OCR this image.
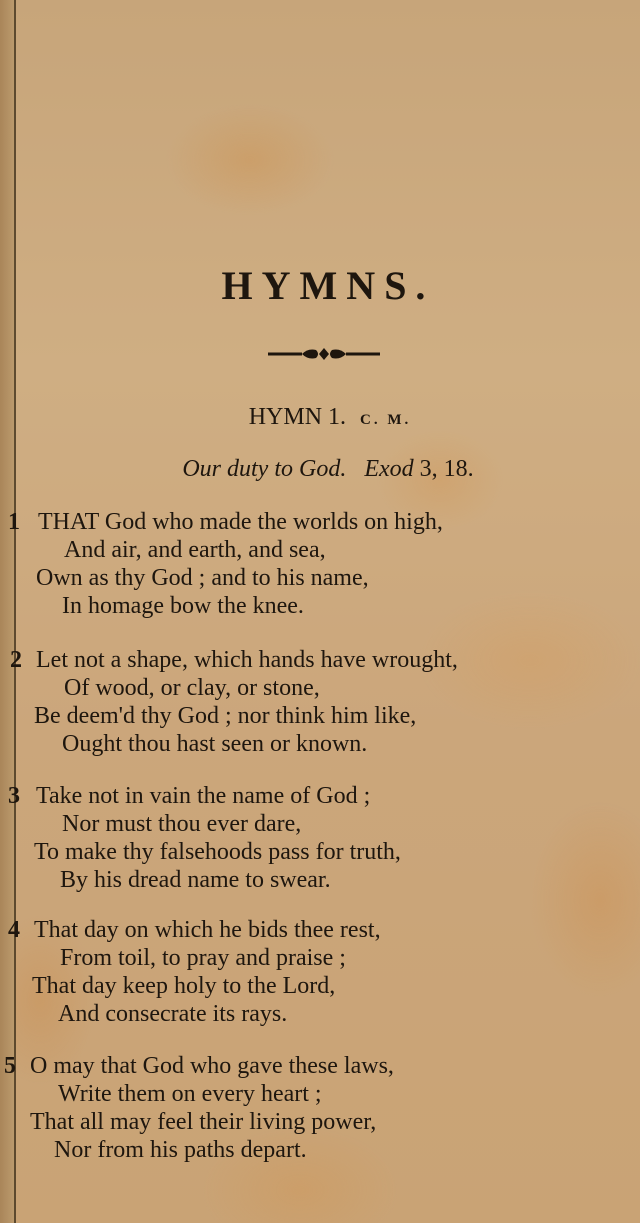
HYMNS.
HYMN 1. C. M.
Our duty to God. Exod 3, 18.
1 THAT God who made the worlds on high,
And air, and earth, and sea,
Own as thy God ; and to his name,
In homage bow the knee.
2 Let not a shape, which hands have wrought,
Of wood, or clay, or stone,
Be deem'd thy God ; nor think him like,
Ought thou hast seen or known.
3 Take not in vain the name of God ;
Nor must thou ever dare,
To make thy falsehoods pass for truth,
By his dread name to swear.
4 That day on which he bids thee rest,
From toil, to pray and praise ;
That day keep holy to the Lord,
And consecrate its rays.
5 O may that God who gave these laws,
Write them on every heart ;
That all may feel their living power,
Nor from his paths depart.
